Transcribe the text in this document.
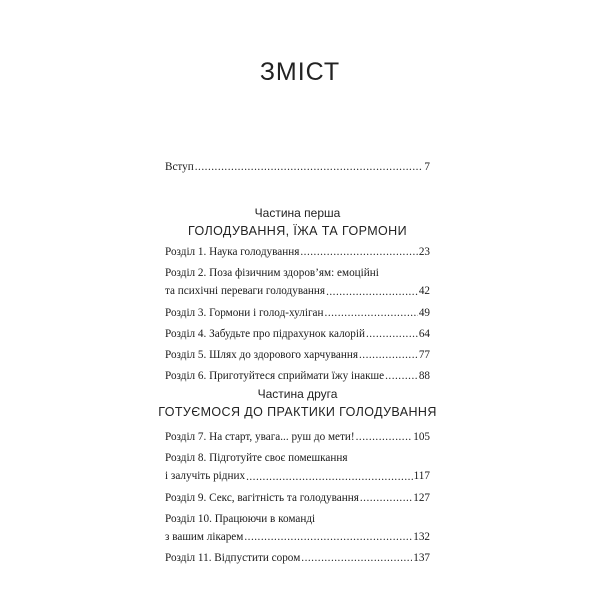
ЗМІСТ
Вступ .....	7
Частина перша
ГОЛОДУВАННЯ, ЇЖА ТА ГОРМОНИ
Розділ 1. Наука голодування .....	23
Розділ 2. Поза фізичним здоров’ям: емоційні
та психічні переваги голодування .....	42
Розділ 3. Гормони і голод-хуліган .....	49
Розділ 4. Забудьте про підрахунок калорій .....	64
Розділ 5. Шлях до здорового харчування .....	77
Розділ 6. Приготуйтеся сприймати їжу інакше .....	88
Частина друга
ГОТУЄМОСЯ ДО ПРАКТИКИ ГОЛОДУВАННЯ
Розділ 7. На старт, увага... руш до мети! .....	105
Розділ 8. Підготуйте своє помешкання
і залучіть рідних .....	117
Розділ 9. Секс, вагітність та голодування .....	127
Розділ 10. Працюючи в команді
з вашим лікарем .....	132
Розділ 11. Відпустити сором .....	137
